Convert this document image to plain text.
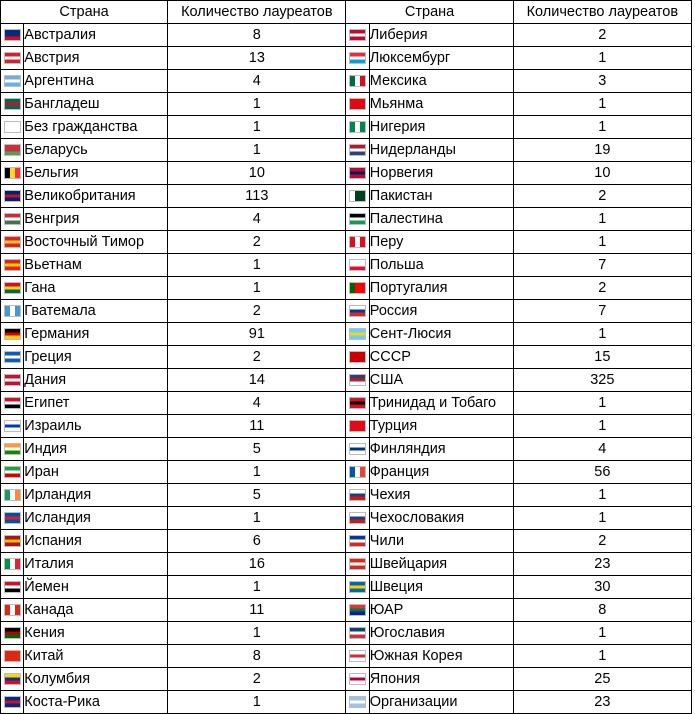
Страна		Количество лауреатов	Страна		Количество лауреатов
	Австралия	8		Либерия	2
	Австрия	13		Люксембург	1
	Аргентина	4		Мексика	3
	Бангладеш	1		Мьянма	1
	Без гражданства	1		Нигерия	1
	Беларусь	1		Нидерланды	19
	Бельгия	10		Норвегия	10
	Великобритания	113		Пакистан	2
	Венгрия	4		Палестина	1
	Восточный Тимор	2		Перу	1
	Вьетнам	1		Польша	7
	Гана	1		Португалия	2
	Гватемала	2		Россия	7
	Германия	91		Сент-Люсия	1
	Греция	2		СССР	15
	Дания	14		США	325
	Египет	4		Тринидад и Тобаго	1
	Израиль	11		Турция	1
	Индия	5		Финляндия	4
	Иран	1		Франция	56
	Ирландия	5		Чехия	1
	Исландия	1		Чехословакия	1
	Испания	6		Чили	2
	Италия	16		Швейцария	23
	Йемен	1		Швеция	30
	Канада	11		ЮАР	8
	Кения	1		Югославия	1
	Китай	8		Южная Корея	1
	Колумбия	2		Япония	25
	Коста-Рика	1		Организации	23
